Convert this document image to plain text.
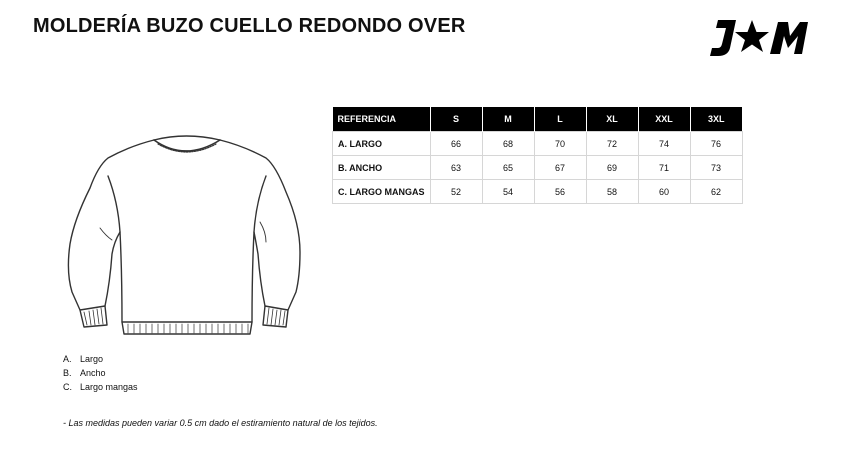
MOLDERÍA BUZO CUELLO REDONDO OVER
REFERENCIA	S	M	L	XL	XXL	3XL
A. LARGO	66	68	70	72	74	76
B. ANCHO	63	65	67	69	71	73
C. LARGO MANGAS	52	54	56	58	60	62
A. Largo
B. Ancho
C. Largo mangas
- Las medidas pueden variar 0.5 cm dado el estiramiento natural de los tejidos.
